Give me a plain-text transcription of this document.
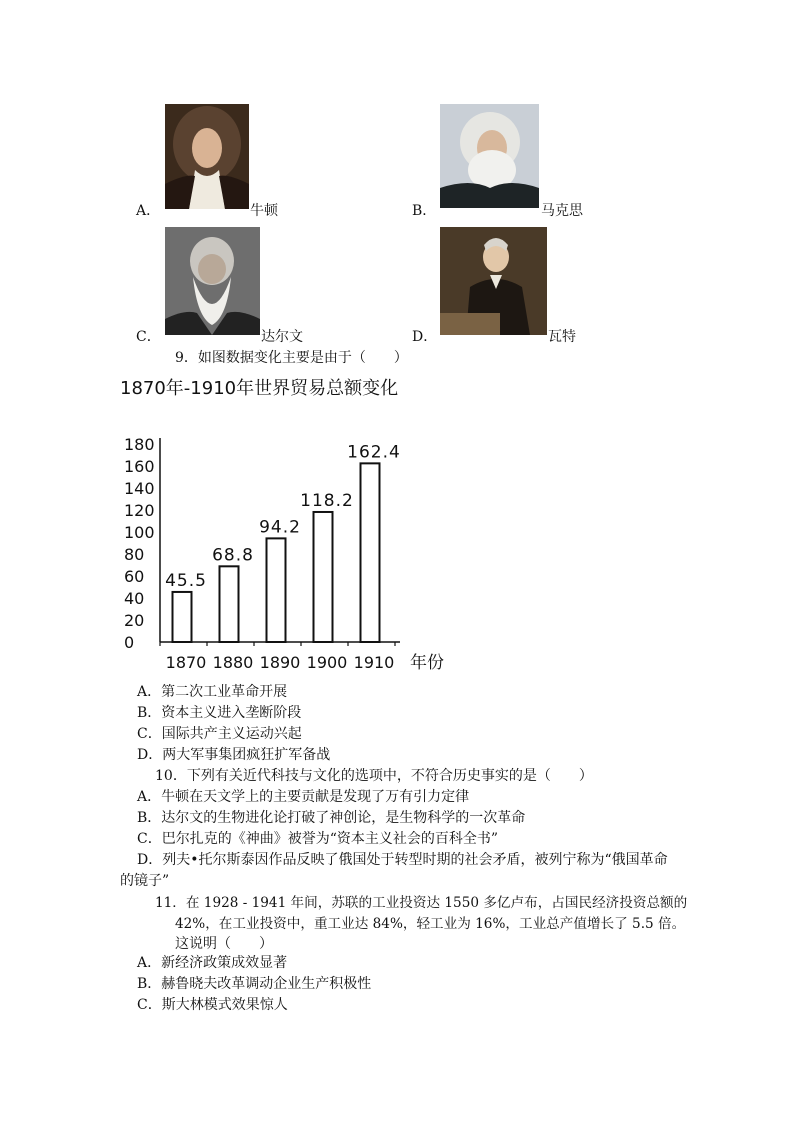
A．	牛顿	B．	马克思
C．	达尔文	D．	瓦特
9．如图数据变化主要是由于（　　）
1870年-1910年世界贸易总额变化
0
20
40
60
80
100
120
140
160
180
45.5
1870
68.8
1880
94.2
1890
118.2
1900
162.4
1910 年份
A．第二次工业革命开展
B．资本主义进入垄断阶段
C．国际共产主义运动兴起
D．两大军事集团疯狂扩军备战
10．下列有关近代科技与文化的选项中，不符合历史事实的是（　　）
A．牛顿在天文学上的主要贡献是发现了万有引力定律
B．达尔文的生物进化论打破了神创论，是生物科学的一次革命
C．巴尔扎克的《神曲》被誉为“资本主义社会的百科全书”
D．列夫•托尔斯泰因作品反映了俄国处于转型时期的社会矛盾，被列宁称为“俄国革命
的镜子”
11．在 1928 - 1941 年间，苏联的工业投资达 1550 多亿卢布，占国民经济投资总额的
42%，在工业投资中，重工业达 84%，轻工业为 16%，工业总产值增长了 5.5 倍。
这说明（　　）
A．新经济政策成效显著
B．赫鲁晓夫改革调动企业生产积极性
C．斯大林模式效果惊人
